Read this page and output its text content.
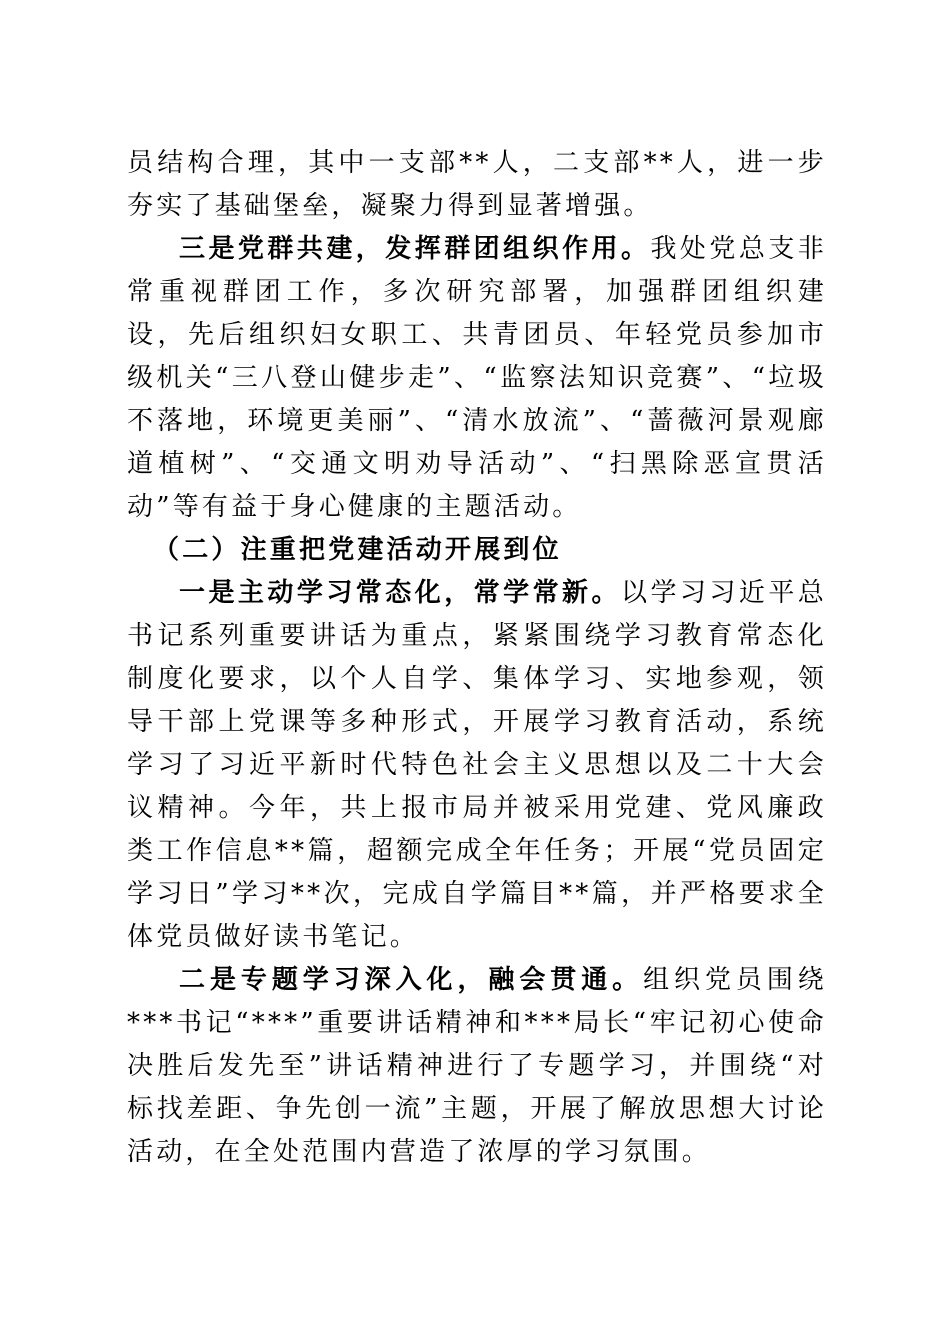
员结构合理，其中一支部**人，二支部**人，进一步夯实了基础堡垒，凝聚力得到显著增强。

三是党群共建，发挥群团组织作用。我处党总支非常重视群团工作，多次研究部署，加强群团组织建设，先后组织妇女职工、共青团员、年轻党员参加市级机关“三八登山健步走”、“监察法知识竞赛”、“垃圾不落地，环境更美丽”、“清水放流”、“蔷薇河景观廊道植树”、“交通文明劝导活动”、“扫黑除恶宣贯活动”等有益于身心健康的主题活动。

（二）注重把党建活动开展到位

一是主动学习常态化，常学常新。以学习习近平总书记系列重要讲话为重点，紧紧围绕学习教育常态化制度化要求，以个人自学、集体学习、实地参观，领导干部上党课等多种形式，开展学习教育活动，系统学习了习近平新时代特色社会主义思想以及二十大会议精神。今年，共上报市局并被采用党建、党风廉政类工作信息**篇，超额完成全年任务；开展“党员固定学习日”学习**次，完成自学篇目**篇，并严格要求全体党员做好读书笔记。

二是专题学习深入化，融会贯通。组织党员围绕***书记“***”重要讲话精神和***局长“牢记初心使命决胜后发先至”讲话精神进行了专题学习，并围绕“对标找差距、争先创一流”主题，开展了解放思想大讨论活动，在全处范围内营造了浓厚的学习氛围。
